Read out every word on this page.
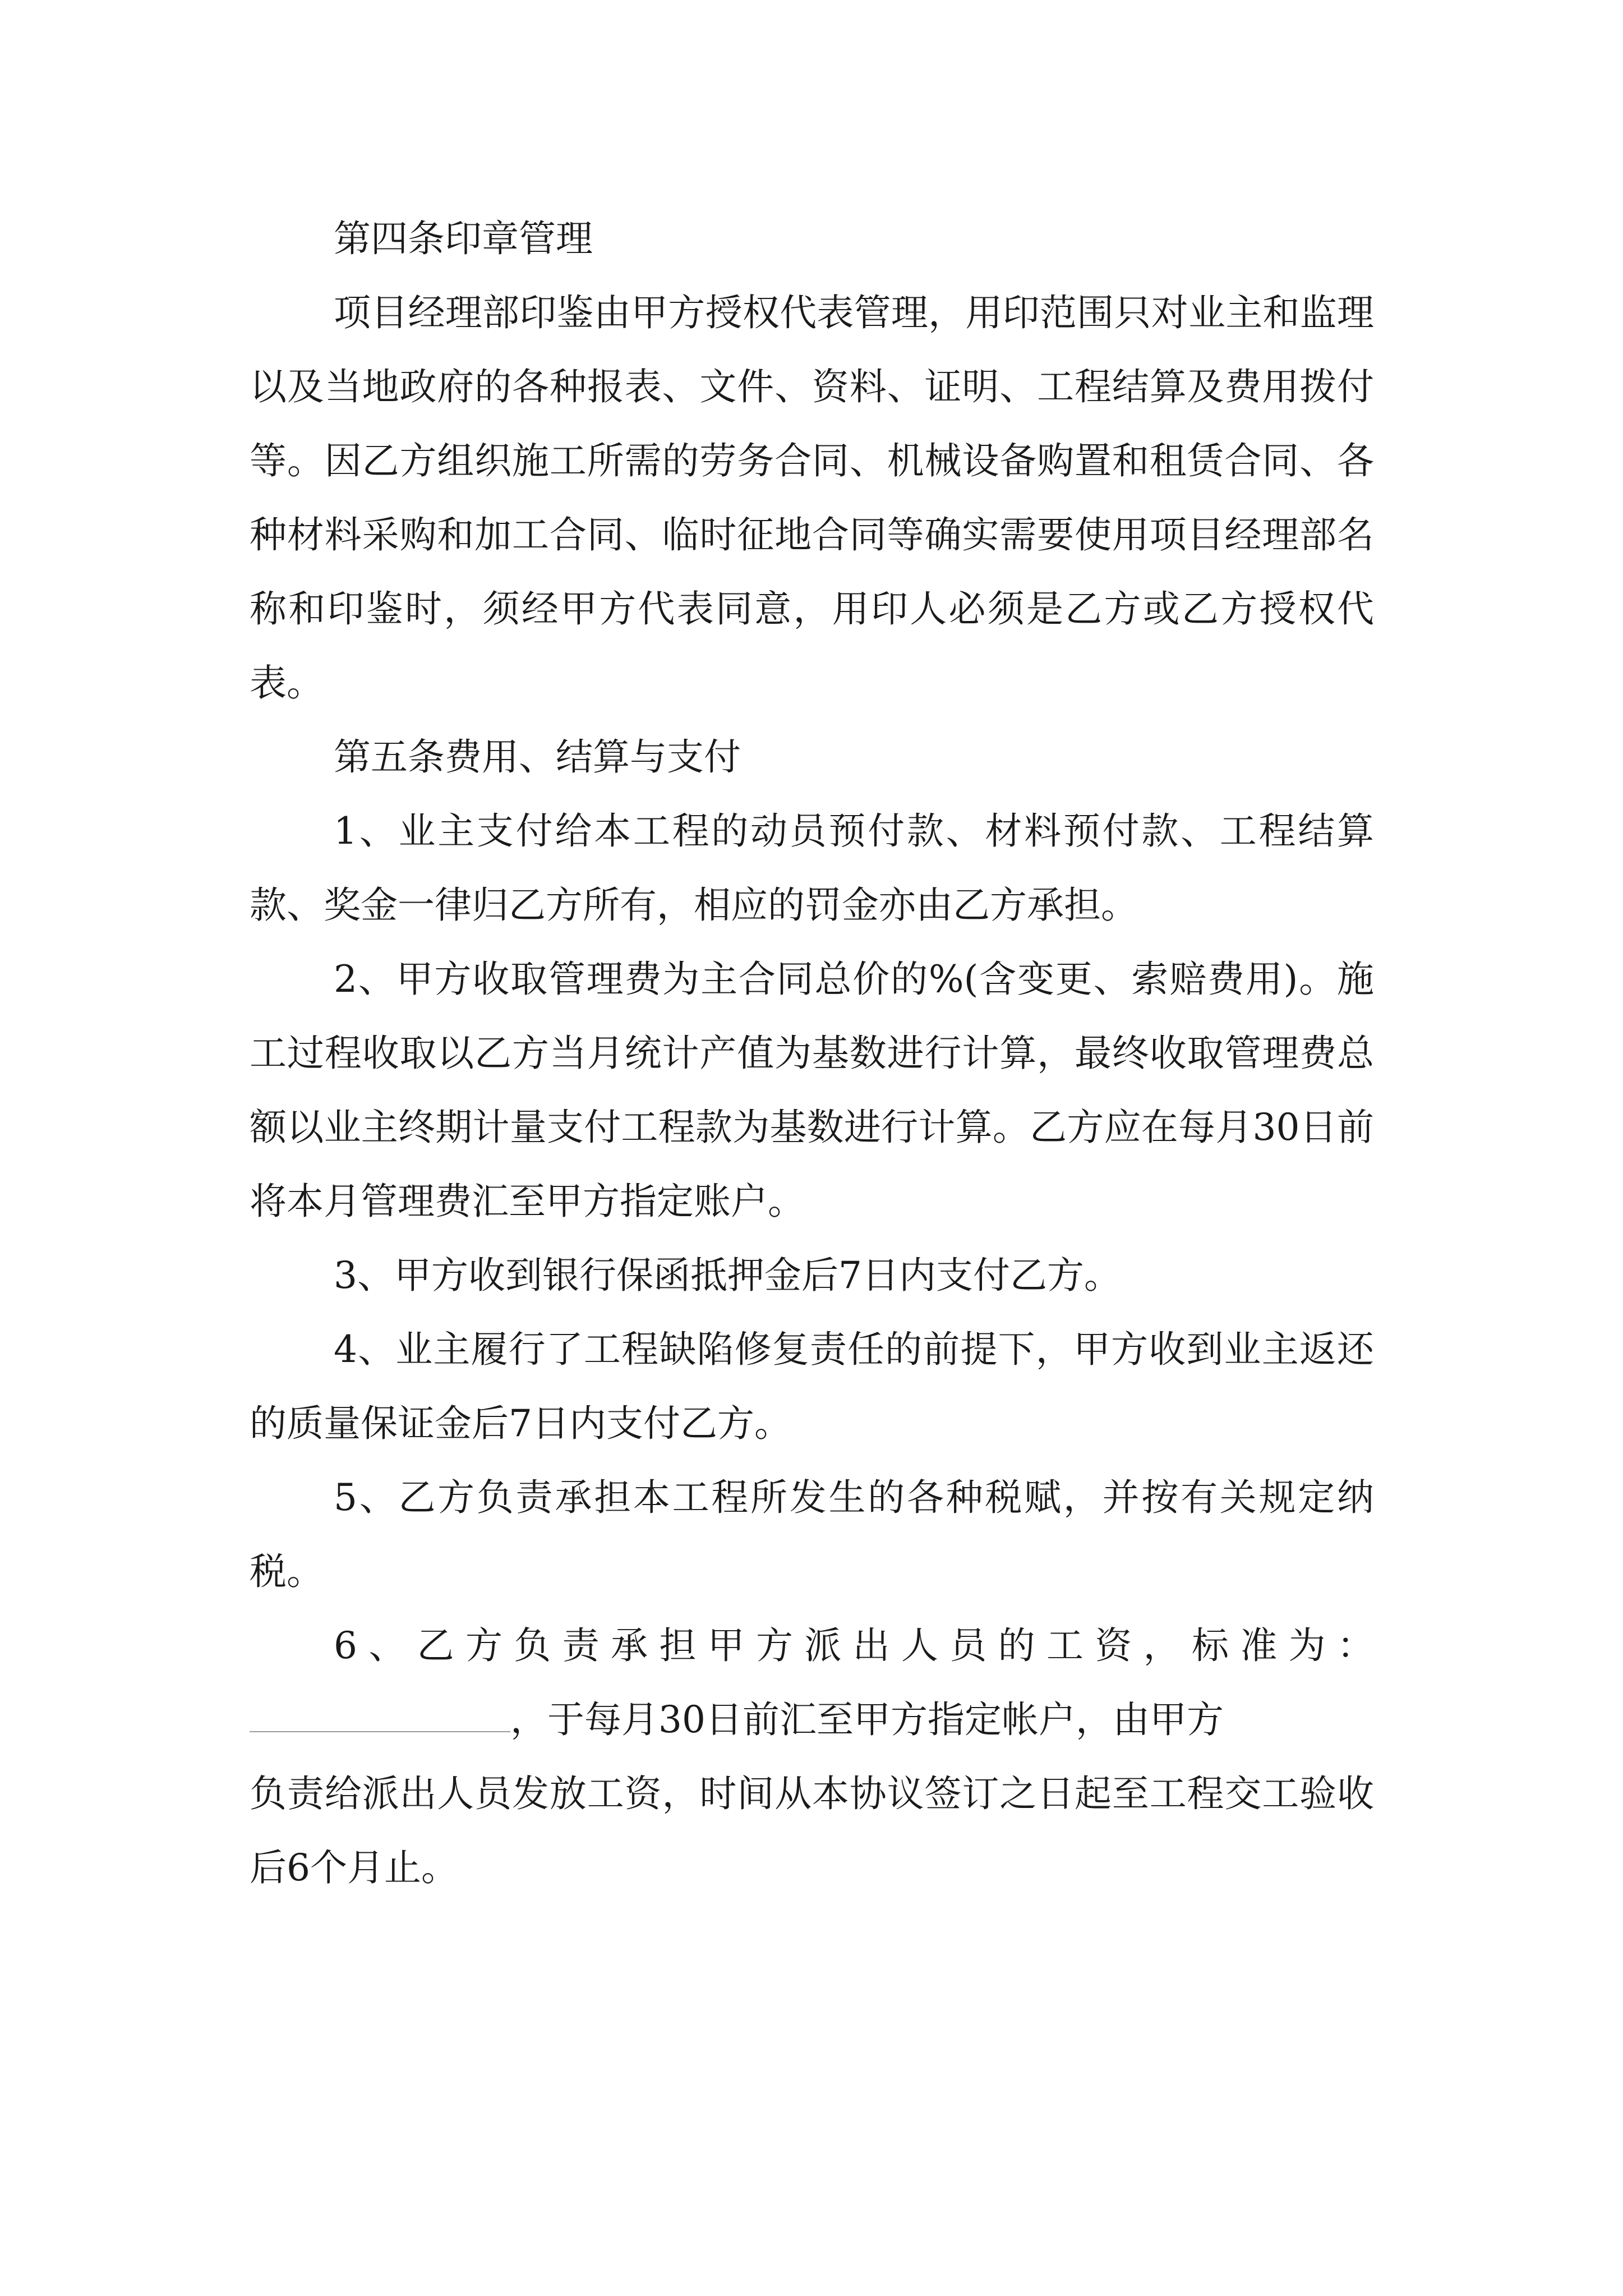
第四条印章管理

项目经理部印鉴由甲方授权代表管理，用印范围只对业主和监理以及当地政府的各种报表、文件、资料、证明、工程结算及费用拨付等。因乙方组织施工所需的劳务合同、机械设备购置和租赁合同、各种材料采购和加工合同、临时征地合同等确实需要使用项目经理部名称和印鉴时，须经甲方代表同意，用印人必须是乙方或乙方授权代表。

第五条费用、结算与支付

1、业主支付给本工程的动员预付款、材料预付款、工程结算款、奖金一律归乙方所有，相应的罚金亦由乙方承担。

2、甲方收取管理费为主合同总价的%(含变更、索赔费用)。施工过程收取以乙方当月统计产值为基数进行计算，最终收取管理费总额以业主终期计量支付工程款为基数进行计算。乙方应在每月30日前将本月管理费汇至甲方指定账户。

3、甲方收到银行保函抵押金后7日内支付乙方。

4、业主履行了工程缺陷修复责任的前提下，甲方收到业主返还的质量保证金后7日内支付乙方。

5、乙方负责承担本工程所发生的各种税赋，并按有关规定纳税。

6、乙方负责承担甲方派出人员的工资，标准为：
，于每月30日前汇至甲方指定帐户，由甲方

负责给派出人员发放工资，时间从本协议签订之日起至工程交工验收后6个月止。
